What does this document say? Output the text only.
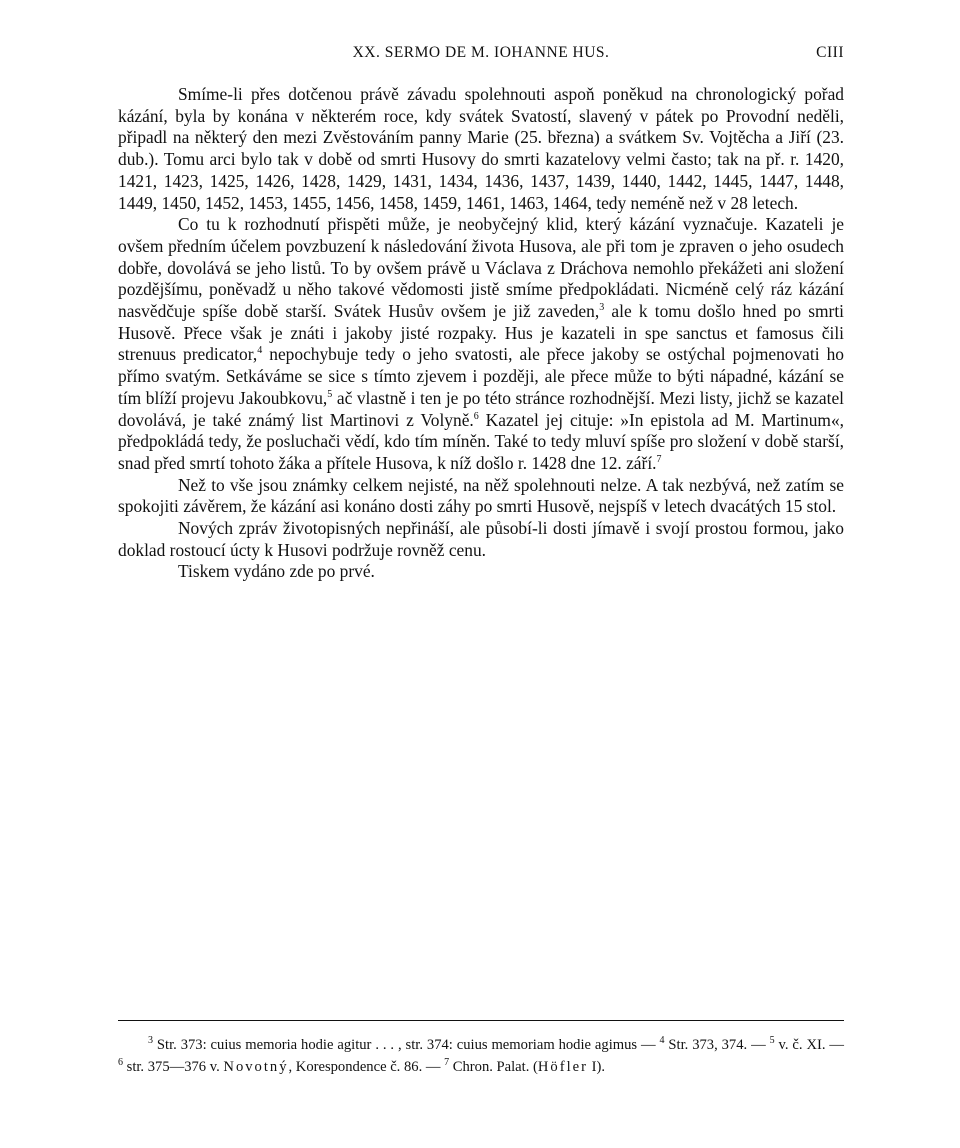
XX. SERMO DE M. IOHANNE HUS.	CIII

Smíme-li přes dotčenou právě závadu spolehnouti aspoň poněkud na chronologický pořad kázání, byla by konána v některém roce, kdy svátek Svatostí, slavený v pátek po Provodní neděli, připadl na některý den mezi Zvěstováním panny Marie (25. března) a svátkem Sv. Vojtěcha a Jiří (23. dub.). Tomu arci bylo tak v době od smrti Husovy do smrti kazatelovy velmi často; tak na př. r. 1420, 1421, 1423, 1425, 1426, 1428, 1429, 1431, 1434, 1436, 1437, 1439, 1440, 1442, 1445, 1447, 1448, 1449, 1450, 1452, 1453, 1455, 1456, 1458, 1459, 1461, 1463, 1464, tedy neméně než v 28 letech.

Co tu k rozhodnutí přispěti může, je neobyčejný klid, který kázání vyznačuje. Kazateli je ovšem předním účelem povzbuzení k následování života Husova, ale při tom je zpraven o jeho osudech dobře, dovolává se jeho listů. To by ovšem právě u Václava z Dráchova nemohlo překážeti ani složení pozdějšímu, poněvadž u něho takové vědomosti jistě smíme předpokládati. Nicméně celý ráz kázání nasvědčuje spíše době starší. Svátek Husův ovšem je již zaveden,$^3$ ale k tomu došlo hned po smrti Husově. Přece však je znáti i jakoby jisté rozpaky. Hus je kazateli in spe sanctus et famosus čili strenuus predicator,$^4$ nepochybuje tedy o jeho svatosti, ale přece jakoby se ostýchal pojmenovati ho přímo svatým. Setkáváme se sice s tímto zjevem i později, ale přece může to býti nápadné, kázání se tím blíží projevu Jakoubkovu,$^5$ ač vlastně i ten je po této stránce rozhodnější. Mezi listy, jichž se kazatel dovolává, je také známý list Martinovi z Volyně.$^6$ Kazatel jej cituje: »In epistola ad M. Martinum«, předpokládá tedy, že posluchači vědí, kdo tím míněn. Také to tedy mluví spíše pro složení v době starší, snad před smrtí tohoto žáka a přítele Husova, k níž došlo r. 1428 dne 12. září.$^7$

Než to vše jsou známky celkem nejisté, na něž spolehnouti nelze. A tak nezbývá, než zatím se spokojiti závěrem, že kázání asi konáno dosti záhy po smrti Husově, nejspíš v letech dvacátých 15 stol.

Nových zpráv životopisných nepřináší, ale působí-li dosti jímavě i svojí prostou formou, jako doklad rostoucí úcty k Husovi podržuje rovněž cenu.

Tiskem vydáno zde po prvé.

$^3$ Str. 373: cuius memoria hodie agitur . . . , str. 374: cuius memoriam hodie agimus — $^4$ Str. 373, 374. — $^5$ v. č. XI. — $^6$ str. 375—376 v. Novotný, Korespondence č. 86. — $^7$ Chron. Palat. (Höfler I).
